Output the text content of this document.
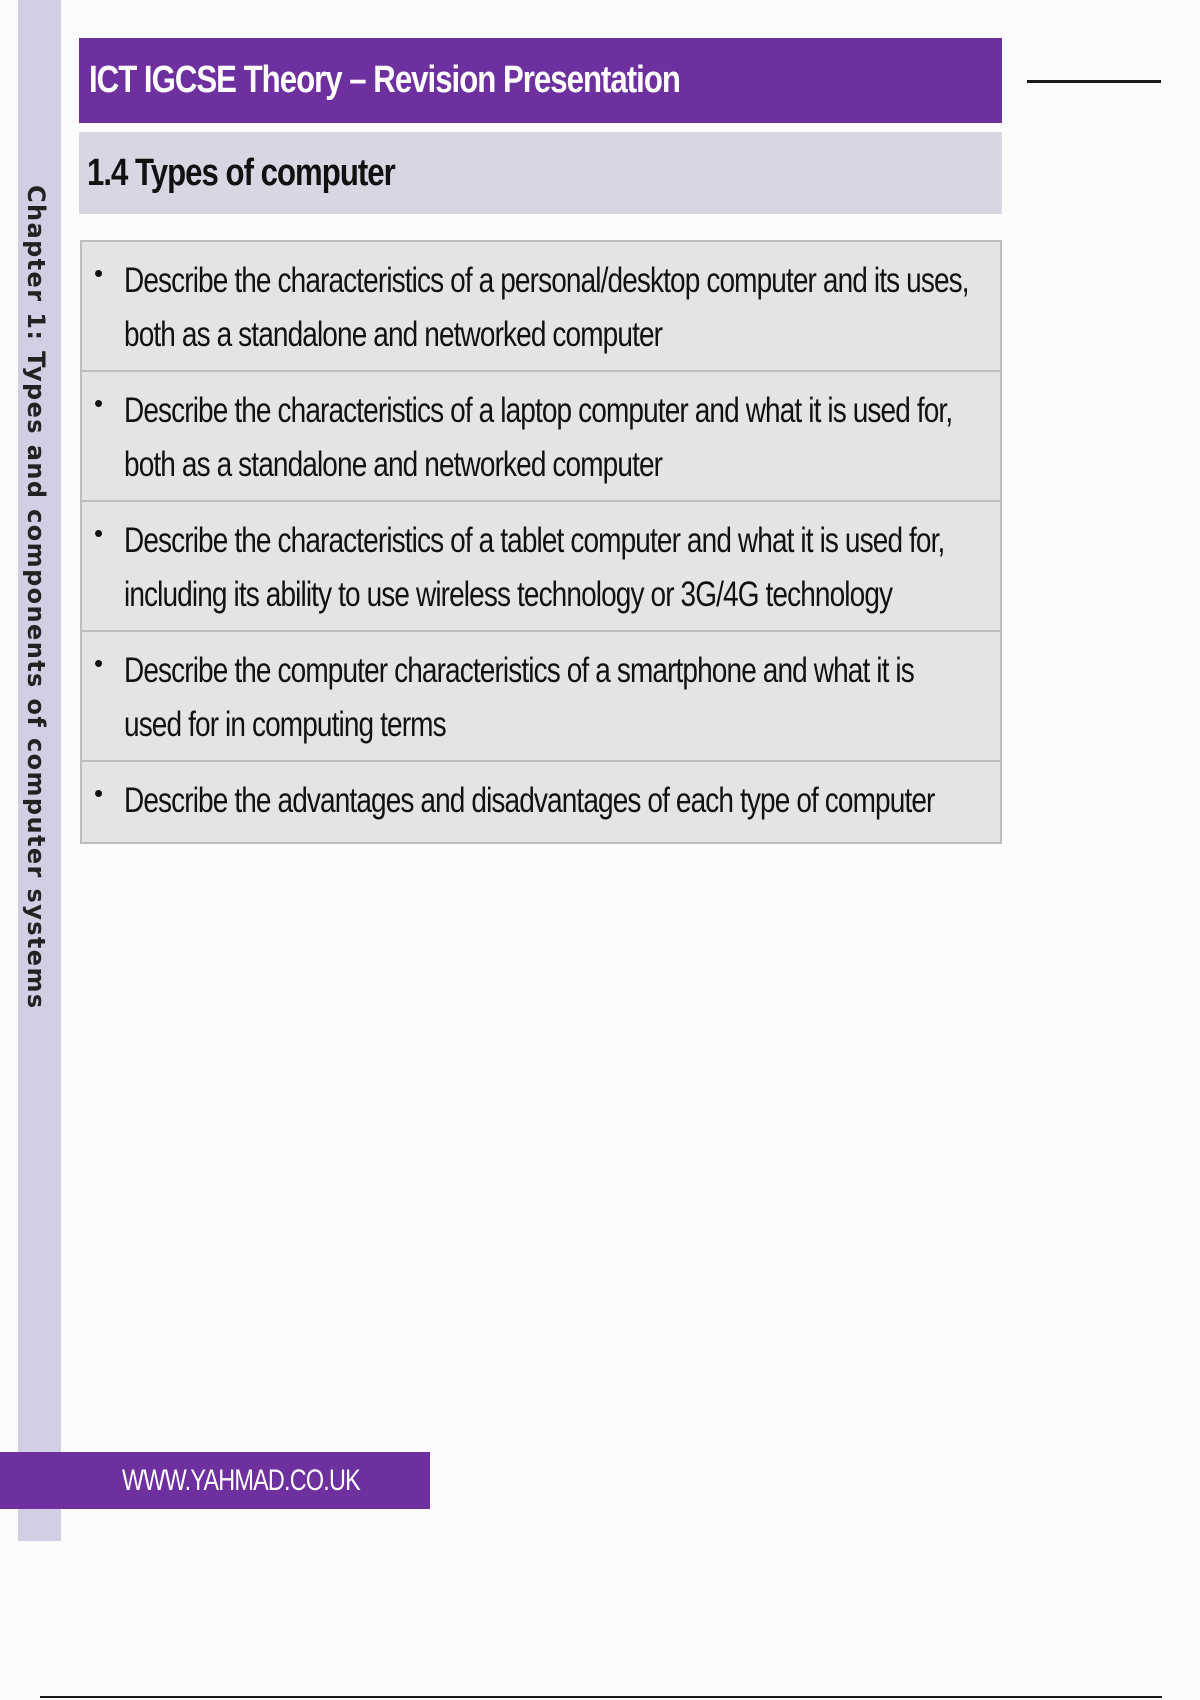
Chapter 1: Types and components of computer systems
ICT IGCSE Theory – Revision Presentation
1.4 Types of computer
• Describe the characteristics of a personal/desktop computer and its uses, both as a standalone and networked computer
• Describe the characteristics of a laptop computer and what it is used for, both as a standalone and networked computer
• Describe the characteristics of a tablet computer and what it is used for, including its ability to use wireless technology or 3G/4G technology
• Describe the computer characteristics of a smartphone and what it is used for in computing terms
• Describe the advantages and disadvantages of each type of computer
WWW.YAHMAD.CO.UK
